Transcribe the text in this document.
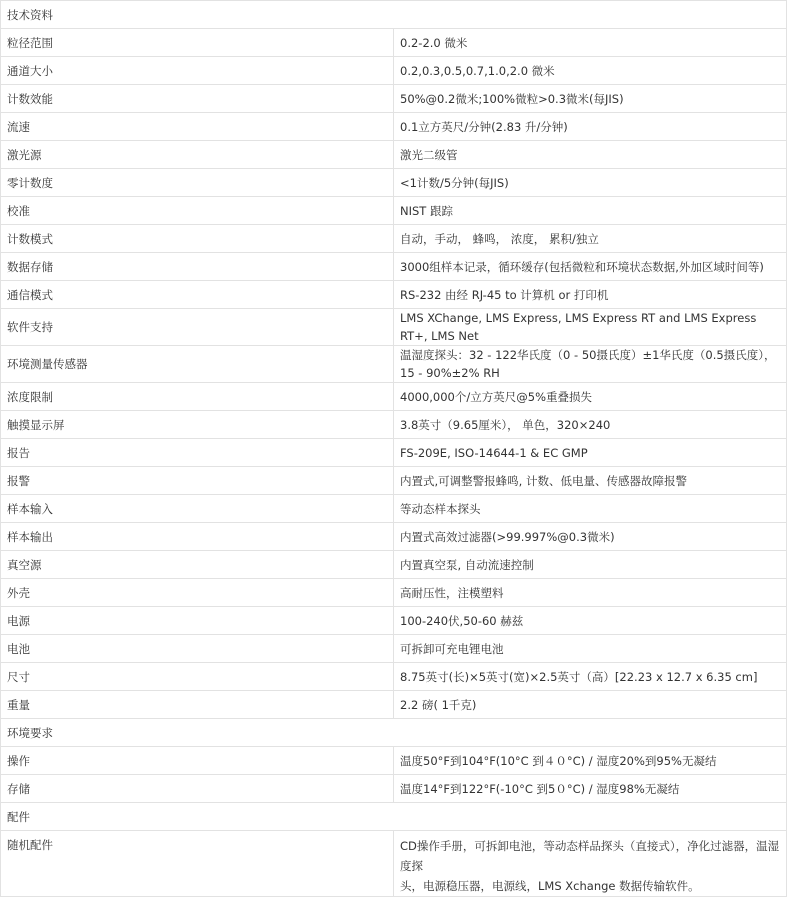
技术资料	
粒径范围	0.2-2.0 微米
通道大小	0.2,0.3,0.5,0.7,1.0,2.0 微米
计数效能	50%@0.2微米;100%微粒>0.3微米(每JIS)
流速	0.1立方英尺/分钟(2.83 升/分钟)
激光源	激光二级管
零计数度	<1计数/5分钟(每JIS)
校准	NIST 跟踪
计数模式	自动，手动， 蜂鸣， 浓度， 累积/独立
数据存储	3000组样本记录，循环缓存(包括微粒和环境状态数据,外加区域时间等)
通信模式	RS-232 由经 RJ-45 to 计算机 or 打印机
软件支持	LMS XChange, LMS Express, LMS Express RT and LMS Express RT+, LMS Net
环境测量传感器	温湿度探头：32 - 122华氏度（0 - 50摄氏度）±1华氏度（0.5摄氏度），15 - 90%±2% RH
浓度限制	4000,000个/立方英尺@5%重叠损失
触摸显示屏	3.8英寸（9.65厘米）， 单色，320×240
报告	FS-209E, ISO-14644-1 & EC GMP
报警	内置式,可调整警报蜂鸣, 计数、低电量、传感器故障报警
样本输入	等动态样本探头
样本输出	内置式高效过滤器(>99.997%@0.3微米)
真空源	内置真空泵, 自动流速控制
外壳	高耐压性，注模塑料
电源	100-240伏,50-60 赫兹
电池	可拆卸可充电锂电池
尺寸	8.75英寸(长)×5英寸(宽)×2.5英寸（高）[22.23 x 12.7 x 6.35 cm]
重量	2.2 磅( 1千克)
环境要求	
操作	温度50°F到104°F(10°C 到４０°C) / 湿度20%到95%无凝结
存储	温度14°F到122°F(-10°C 到5０°C) / 湿度98%无凝结
配件	
随机配件	CD操作手册，可拆卸电池，等动态样品探头（直接式），净化过滤器，温湿度探
头，电源稳压器，电源线，LMS Xchange 数据传输软件。
